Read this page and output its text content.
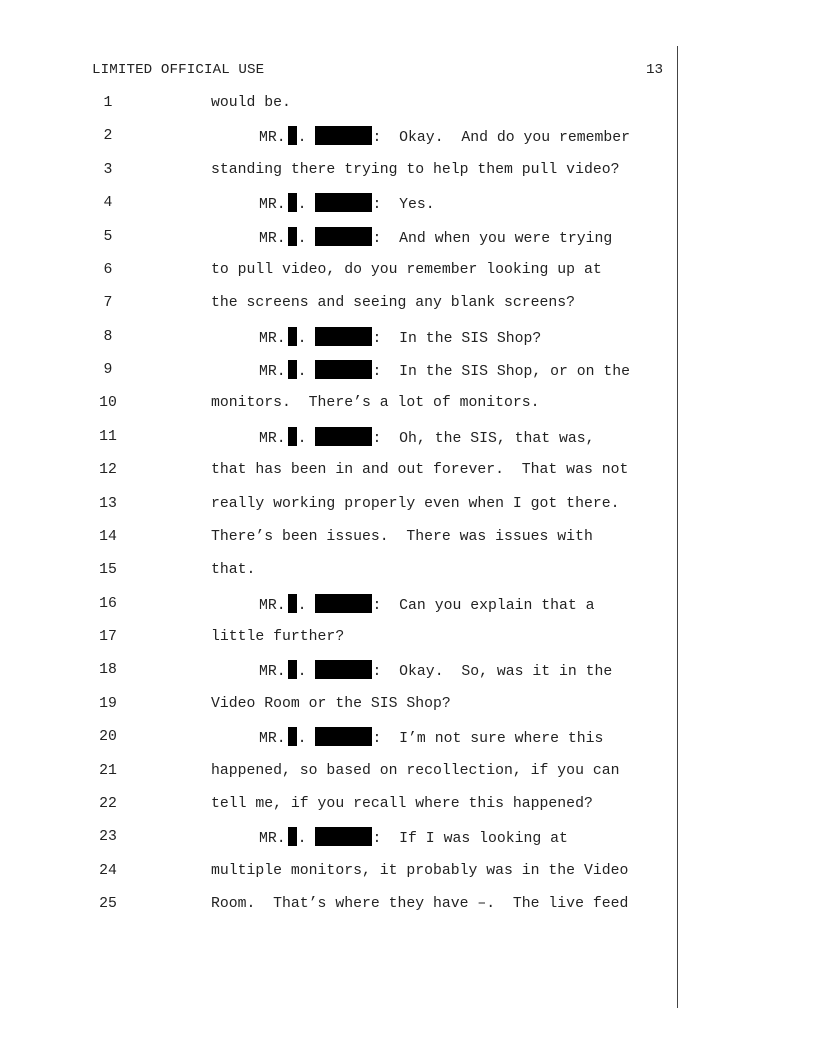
LIMITED OFFICIAL USE	13
1	would be.
2	MR. .	:  Okay.  And do you remember
3	standing there trying to help them pull video?
4	MR. .	:  Yes.
5	MR. .	:  And when you were trying
6	to pull video, do you remember looking up at
7	the screens and seeing any blank screens?
8	MR. .	:  In the SIS Shop?
9	MR. .	:  In the SIS Shop, or on the
10	monitors.  There’s a lot of monitors.
11	MR. .	:  Oh, the SIS, that was,
12	that has been in and out forever.  That was not
13	really working properly even when I got there.
14	There’s been issues.  There was issues with
15	that.
16	MR. .	:  Can you explain that a
17	little further?
18	MR. .	:  Okay.  So, was it in the
19	Video Room or the SIS Shop?
20	MR. .	:  I’m not sure where this
21	happened, so based on recollection, if you can
22	tell me, if you recall where this happened?
23	MR. .	:  If I was looking at
24	multiple monitors, it probably was in the Video
25	Room.  That’s where they have –.  The live feed
